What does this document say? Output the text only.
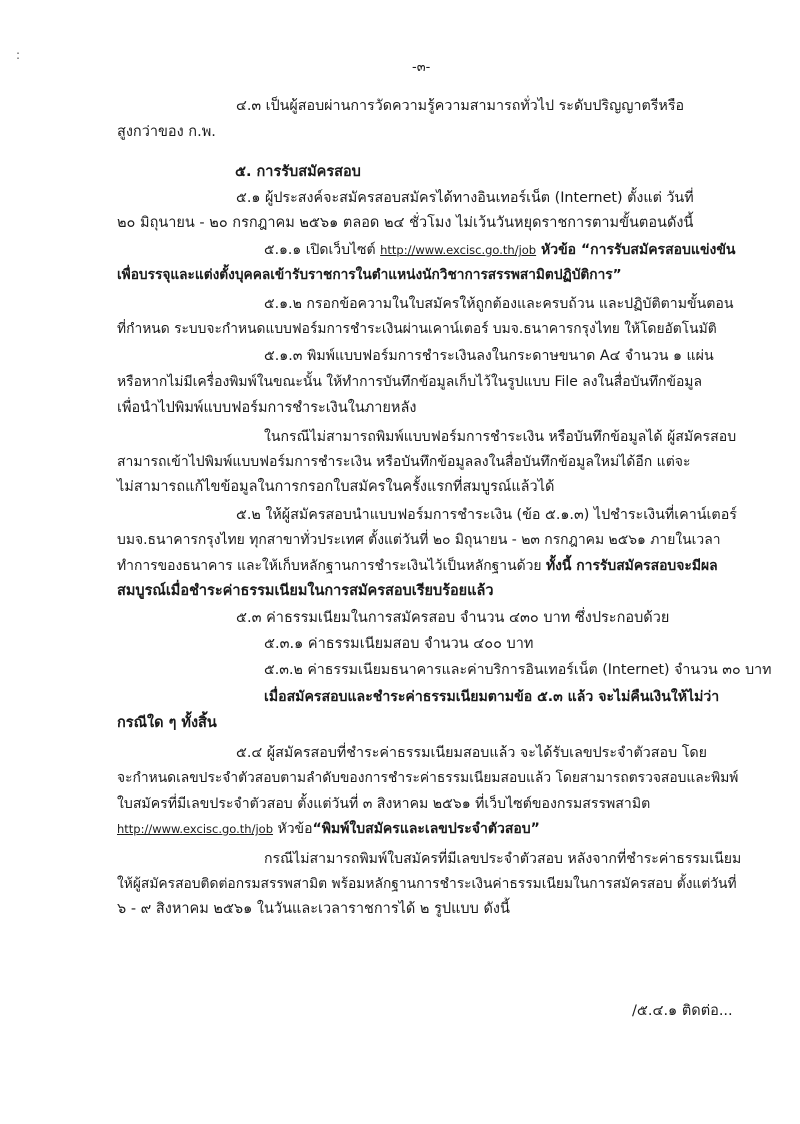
:
-๓-
๔.๓ เป็นผู้สอบผ่านการวัดความรู้ความสามารถทั่วไป ระดับปริญญาตรีหรือ
สูงกว่าของ ก.พ.
๕. การรับสมัครสอบ
๕.๑ ผู้ประสงค์จะสมัครสอบสมัครได้ทางอินเทอร์เน็ต (Internet) ตั้งแต่ วันที่
๒๐ มิถุนายน - ๒๐ กรกฎาคม ๒๕๖๑ ตลอด ๒๔ ชั่วโมง ไม่เว้นวันหยุดราชการตามขั้นตอนดังนี้
๕.๑.๑ เปิดเว็บไซต์ http://www.excisc.go.th/job หัวข้อ “การรับสมัครสอบแข่งขัน
เพื่อบรรจุและแต่งตั้งบุคคลเข้ารับราชการในตำแหน่งนักวิชาการสรรพสามิตปฏิบัติการ”
๕.๑.๒ กรอกข้อความในใบสมัครให้ถูกต้องและครบถ้วน และปฏิบัติตามขั้นตอน
ที่กำหนด ระบบจะกำหนดแบบฟอร์มการชำระเงินผ่านเคาน์เตอร์ บมจ.ธนาคารกรุงไทย ให้โดยอัตโนมัติ
๕.๑.๓ พิมพ์แบบฟอร์มการชำระเงินลงในกระดาษขนาด A๔ จำนวน ๑ แผ่น
หรือหากไม่มีเครื่องพิมพ์ในขณะนั้น ให้ทำการบันทึกข้อมูลเก็บไว้ในรูปแบบ File ลงในสื่อบันทึกข้อมูล
เพื่อนำไปพิมพ์แบบฟอร์มการชำระเงินในภายหลัง
ในกรณีไม่สามารถพิมพ์แบบฟอร์มการชำระเงิน หรือบันทึกข้อมูลได้ ผู้สมัครสอบ
สามารถเข้าไปพิมพ์แบบฟอร์มการชำระเงิน หรือบันทึกข้อมูลลงในสื่อบันทึกข้อมูลใหม่ได้อีก แต่จะ
ไม่สามารถแก้ไขข้อมูลในการกรอกใบสมัครในครั้งแรกที่สมบูรณ์แล้วได้
๕.๒ ให้ผู้สมัครสอบนำแบบฟอร์มการชำระเงิน (ข้อ ๕.๑.๓) ไปชำระเงินที่เคาน์เตอร์
บมจ.ธนาคารกรุงไทย ทุกสาขาทั่วประเทศ ตั้งแต่วันที่ ๒๐ มิถุนายน - ๒๓ กรกฎาคม ๒๕๖๑ ภายในเวลา
ทำการของธนาคาร และให้เก็บหลักฐานการชำระเงินไว้เป็นหลักฐานด้วย ทั้งนี้ การรับสมัครสอบจะมีผล
สมบูรณ์เมื่อชำระค่าธรรมเนียมในการสมัครสอบเรียบร้อยแล้ว
๕.๓ ค่าธรรมเนียมในการสมัครสอบ จำนวน ๔๓๐ บาท ซึ่งประกอบด้วย
๕.๓.๑ ค่าธรรมเนียมสอบ จำนวน ๔๐๐ บาท
๕.๓.๒ ค่าธรรมเนียมธนาคารและค่าบริการอินเทอร์เน็ต (Internet) จำนวน ๓๐ บาท
เมื่อสมัครสอบและชำระค่าธรรมเนียมตามข้อ ๕.๓ แล้ว จะไม่คืนเงินให้ไม่ว่า
กรณีใด ๆ ทั้งสิ้น
๕.๔ ผู้สมัครสอบที่ชำระค่าธรรมเนียมสอบแล้ว จะได้รับเลขประจำตัวสอบ โดย
จะกำหนดเลขประจำตัวสอบตามลำดับของการชำระค่าธรรมเนียมสอบแล้ว โดยสามารถตรวจสอบและพิมพ์
ใบสมัครที่มีเลขประจำตัวสอบ ตั้งแต่วันที่ ๓ สิงหาคม ๒๕๖๑ ที่เว็บไซต์ของกรมสรรพสามิต
http://www.excisc.go.th/job หัวข้อ“พิมพ์ใบสมัครและเลขประจำตัวสอบ”
กรณีไม่สามารถพิมพ์ใบสมัครที่มีเลขประจำตัวสอบ หลังจากที่ชำระค่าธรรมเนียม
ให้ผู้สมัครสอบติดต่อกรมสรรพสามิต พร้อมหลักฐานการชำระเงินค่าธรรมเนียมในการสมัครสอบ ตั้งแต่วันที่
๖ - ๙ สิงหาคม ๒๕๖๑ ในวันและเวลาราชการได้ ๒ รูปแบบ ดังนี้
/๕.๔.๑ ติดต่อ...
